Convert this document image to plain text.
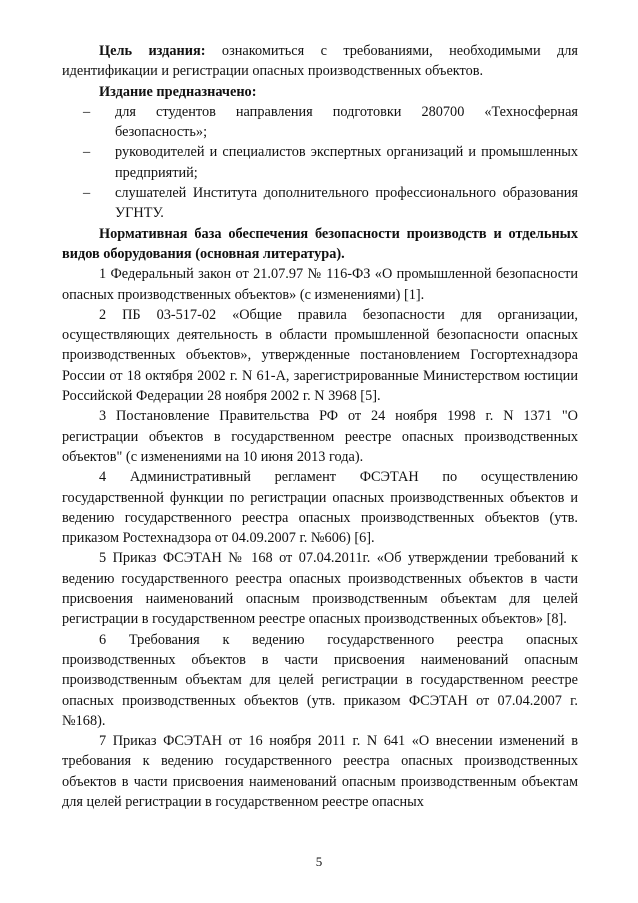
Цель издания: ознакомиться с требованиями, необходимыми для идентификации и регистрации опасных производственных объектов.

Издание предназначено:

– для студентов направления подготовки 280700 «Техносферная безопасность»;
– руководителей и специалистов экспертных организаций и промышленных предприятий;
– слушателей Института дополнительного профессионального образования УГНТУ.

Нормативная база обеспечения безопасности производств и отдельных видов оборудования (основная литература).

1 Федеральный закон от 21.07.97 № 116-ФЗ «О промышленной безопасности опасных производственных объектов» (с изменениями) [1].

2 ПБ 03-517-02 «Общие правила безопасности для организации, осуществляющих деятельность в области промышленной безопасности опасных производственных объектов», утвержденные постановлением Госгортехнадзора России от 18 октября 2002 г. N 61-А, зарегистрированные Министерством юстиции Российской Федерации 28 ноября 2002 г. N 3968 [5].

3 Постановление Правительства РФ от 24 ноября 1998 г. N 1371 "О регистрации объектов в государственном реестре опасных производственных объектов" (с изменениями на 10 июня 2013 года).

4 Административный регламент ФСЭТАН по осуществлению государственной функции по регистрации опасных производственных объектов и ведению государственного реестра опасных производственных объектов (утв. приказом Ростехнадзора от 04.09.2007 г. №606) [6].

5 Приказ ФСЭТАН № 168 от 07.04.2011г. «Об утверждении требований к ведению государственного реестра опасных производственных объектов в части присвоения наименований опасным производственным объектам для целей регистрации в государственном реестре опасных производственных объектов» [8].

6 Требования к ведению государственного реестра опасных производственных объектов в части присвоения наименований опасным производственным объектам для целей регистрации в государственном реестре опасных производственных объектов (утв. приказом ФСЭТАН от 07.04.2007 г. №168).

7 Приказ ФСЭТАН от 16 ноября 2011 г. N 641 «О внесении изменений в требования к ведению государственного реестра опасных производственных объектов в части присвоения наименований опасным производственным объектам для целей регистрации в государственном реестре опасных

5
